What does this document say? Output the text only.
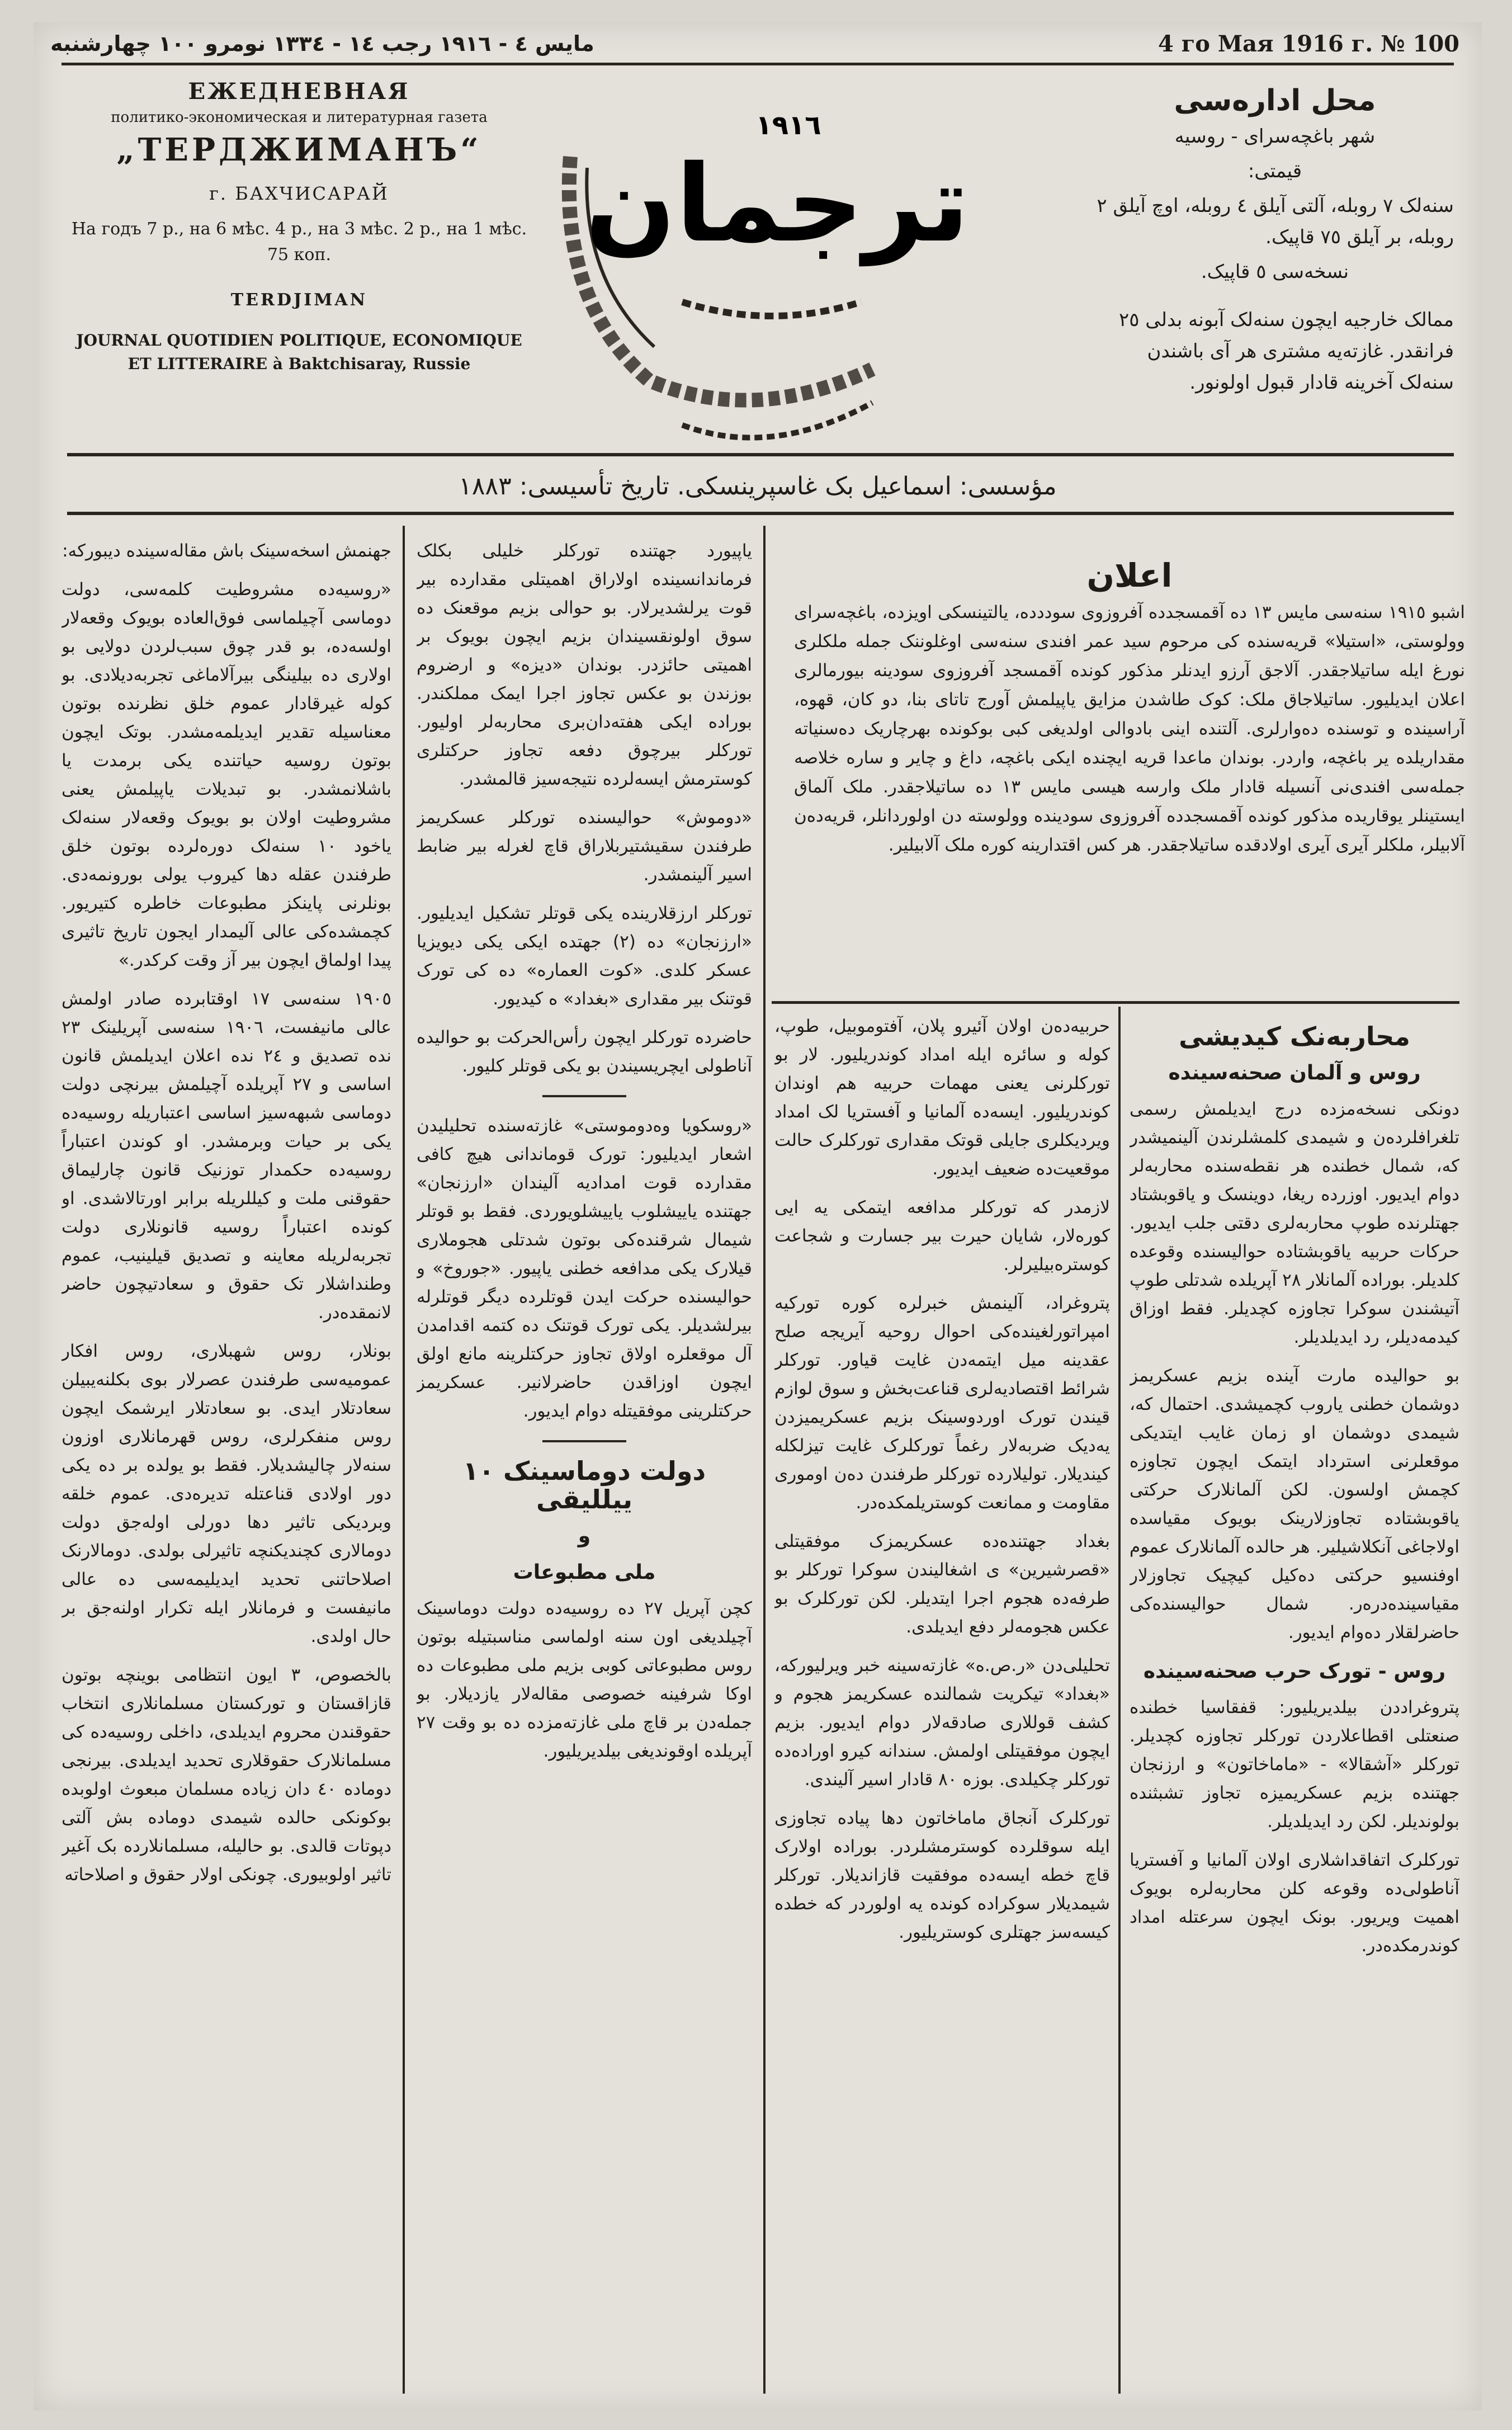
مايس ٤ - ١٩١٦ رجب ١٤ - ١٣٣٤ نومرو ١٠٠ چهارشنبه	4 го Мая 1916 г. № 100
ЕЖЕДНЕВНАЯ
политико-экономическая и литературная газета
„ТЕРДЖИМАНЪ“
г. БАХЧИСАРАЙ
На годъ 7 р., на 6 мѣс. 4 р., на 3 мѣс. 2 р., на 1 мѣс. 75 коп.
TERDJIMAN
JOURNAL QUOTIDIEN POLITIQUE, ECONOMIQUE ET LITTERAIRE à Baktchisaray, Russie
ترجمان
١٩١٦
محل اداره‌سی
شهر باغچه‌سرای - روسیه
قیمتی:
سنه‌لک ٧ روبله، آلتی آیلق ٤ روبله، اوچ آیلق ٢ روبله، بر آیلق ٧٥ قاپیک.
نسخه‌سی ٥ قاپیک.
ممالک خارجیه ایچون سنه‌لک آبونه بدلی ٢٥ فرانقدر. غازته‌یه مشتری هر آی باشندن سنه‌لک آخرینه قادار قبول اولونور.
مؤسسی: اسماعیل بک غاسپرینسکی. تاریخ تأسیسی: ١٨٨٣
اعلان

اشبو ١٩١٥ سنه‌سی مایس ١٣ ده آقمسجدده آفروزوی سوددده، یالتینسکی اویزده، باغچه‌سرای وولوستی، «استیلا» قریه‌سنده کی مرحوم سید عمر افندی سنه‌سی اوغلوننک جمله ملکلری نورغ ایله ساتیلاجقدر. آلاجق آرزو ایدنلر مذکور کونده آقمسجد آفروزوی سودینه بیورمالری اعلان ایدیلیور. ساتیلاجاق ملک: کوک طاشدن مزایق یاپیلمش آورج تاتای بنا، دو کان، قهوه، آراسینده و توسنده ده‌وارلری. آلتنده اینی بادوالی اولدیغی کبی بوکونده بهرچاریک ده‌سنیاته مقداریلده یر باغچه، واردر. بوندان ماعدا قریه ایچنده ایکی باغچه، داغ و چایر و ساره خلاصه جمله‌سی افندی‌نی آنسیله قادار ملک وارسه هیسی مایس ١٣ ده ساتیلاجقدر. ملک آلماق ایستینلر یوقاریده مذکور کونده آقمسجدده آفروزوی سودینده وولوسته دن اولوردانلر، قریه‌ده‌ن آلابیلر، ملکلر آیری آیری اولادقده ساتیلاجقدر. هر کس اقتدارینه کوره ملک آلابیلیر.

جهنمش اسخه‌سینک باش مقاله‌سینده دیبورکه:

«روسیه‌ده مشروطیت کلمه‌سی، دولت دوماسی آچیلماسی فوق‌العاده بویوک وقعه‌لار اولسه‌ده، بو قدر چوق سبب‌لردن دولایی بو اولاری ده بیلینگی بیرآلاماغی تجربه‌دیلادی. بو کوله غیرقادار عموم خلق نظرنده بوتون معناسیله تقدیر ایدیلمه‌مشدر. بوتک ایچون بوتون روسیه حیاتنده یکی برمدت یا باشلانمشدر. بو تبدیلات یاپیلمش یعنی مشروطیت اولان بو بویوک وقعه‌لار سنه‌لک یاخود ١٠ سنه‌لک دوره‌لرده بوتون خلق طرفندن عقله دها کیروب یولی بورونمه‌دی. بونلرنی پاینکز مطبوعات خاطره کتیریور. کچمشده‌کی عالی آلیمدار ایجون تاریخ تاثیری پیدا اولماق ایچون بیر آز وقت کرکدر.»

١٩٠٥ سنه‌سی ١٧ اوقتابرده صادر اولمش عالی مانیفست، ١٩٠٦ سنه‌سی آپریلینک ٢٣ نده تصدیق و ٢٤ نده اعلان ایدیلمش قانون اساسی و ٢٧ آپریلده آچیلمش بیرنچی دولت دوماسی شبهه‌سیز اساسی اعتباریله روسیه‌ده یکی بر حیات وبرمشدر. او کوندن اعتباراً روسیه‌ده حکمدار توزنیک قانون چارلیماق حقوقنی ملت و کیللریله برابر اورتالاشدی. او کونده اعتباراً روسیه قانونلاری دولت تجربه‌لریله معاینه و تصدیق قیلینیب، عموم وطنداشلار تک حقوق و سعادتیچون حاضر لانمقده‌در.

بونلار، روس شهبلاری، روس افکار عمومیه‌سی طرفندن عصرلار بوی بکلنه‌یبیلن سعادتلار ایدی. بو سعادتلار ایرشمک ایچون روس منفکرلری، روس قهرمانلاری اوزون سنه‌لار چالیشدیلار. فقط بو یولده بر ده یکی دور اولادی قناعتله تدیره‌دی. عموم خلقه وبردیکی تاثیر دها دورلی اوله‌جق دولت دومالاری کچندیکنچه تاثیرلی بولدی. دومالارنک اصلاحاتنی تحدید ایدیلیمه‌سی ده عالی مانیفست و فرمانلار ایله تکرار اولنه‌جق بر حال اولدی.

بالخصوص، ٣ ایون انتظامی بوینچه بوتون قازاقستان و تورکستان مسلمانلاری انتخاب حقوقندن محروم ایدیلدی، داخلی روسیه‌ده کی مسلمانلارک حقوقلاری تحدید ایدیلدی. بیرنجی دوماده ٤٠ دان زیاده مسلمان مبعوث اولوبده بوکونکی حالده شیمدی دوماده بش آلتی دپوتات قالدی. بو حالیله، مسلمانلارده بک آغیر تاثیر اولوبیوری. چونکی اولار حقوق و اصلاحاته

یاپیورد جهتنده تورکلر خلیلی بکلک فرماندانسینده اولاراق اهمیتلی مقدارده بیر قوت یرلشدیرلار. بو حوالی بزیم موقعنک ده سوق اولونقسیندان بزیم ایچون بویوک بر اهمیتی حائزدر. بوندان «دیزه» و ارضروم بوزندن بو عکس تجاوز اجرا ایمک مملکندر. بوراده ایکی هفته‌دان‌بری محاربه‌لر اولیور. تورکلر بیرچوق دفعه تجاوز حرکتلری کوسترمش ایسه‌لرده نتیجه‌سیز قالمشدر.

«دوموش» حوالیسنده تورکلر عسکریمز طرفندن سقیشتیربلاراق قاچ لغرله بیر ضابط اسیر آلینمشدر.

تورکلر ارزقلارینده یکی قوتلر تشکیل ایدیلیور. «ارزنجان» ده (٢) جهتده ایکی یکی دیویزیا عسکر کلدی. «کوت العماره» ده کی تورک قوتنک بیر مقداری «بغداد» ه کیدیور.

حاضرده تورکلر ایچون رأس‌الحرکت بو حوالیده آناطولی ایچریسیندن بو یکی قوتلر کلیور.

«روسکویا وه‌دوموستی» غازته‌سنده تحلیلیدن اشعار ایدیلیور: تورک قوماندانی هیچ کافی مقدارده قوت امدادیه آلیندان «ارزنجان» جهتنده یاییشلوب یاییشلویوردی. فقط بو قوتلر شیمال شرقنده‌کی بوتون شدتلی هجوملاری قیلارک یکی مدافعه خطنی یاپیور. «جوروخ» و حوالیسنده حرکت ایدن قوتلرده دیگر قوتلرله بیرلشدیلر. یکی تورک قوتنک ده کتمه اقدامدن آل موقعلره اولاق تجاوز حرکتلرینه مانع اولق ایچون اوزاقدن حاضرلانیر. عسکریمز حرکتلرینی موفقیتله دوام ایدیور.

دولت دوماسینک ١٠ ییللیقی
و
ملی مطبوعات

کچن آپریل ٢٧ ده روسیه‌ده دولت دوماسینک آچیلدیغی اون سنه اولماسی مناسبتیله بوتون روس مطبوعاتی کوبی بزیم ملی مطبوعات ده اوکا شرفینه خصوصی مقاله‌لار یازدیلار. بو جمله‌دن بر قاچ ملی غازته‌مزده ده بو وقت ٢٧ آپریلده اوقوندیغی بیلدیریلیور.

حربیه‌ده‌ن اولان آئیرو پلان، آفتوموبیل، طوپ، کوله و سائره ایله امداد کوندریلیور. لار بو تورکلرنی یعنی مهمات حربیه هم اوندان کوندریلیور. ایسه‌ده آلمانیا و آفستریا لک امداد ویردیکلری جایلی قوتک مقداری تورکلرک حالت موقعیت‌ده ضعیف ایدیور.

لازمدر که تورکلر مدافعه ایتمکی یه ایی کوره‌لار، شایان حیرت بیر جسارت و شجاعت کوستره‌بیلیرلر.

پتروغراد، آلینمش خبرلره کوره تورکیه امپراتورلغینده‌کی احوال روحیه آیریجه صلح عقدینه میل ایتمه‌دن غایت قیاور. تورکلر شرائط اقتصادیه‌لری قناعت‌بخش و سوق لوازم قیندن تورک ا‌وردوسینک بزیم عسکریمیزدن یه‌دیک ضربه‌لار رغماً تورکلرک غایت تیزلکله کیندیلار. تولیلارده تورکلر طرفندن ده‌ن اوموری مقاومت و ممانعت کوستریلمکده‌در.

بغداد جهتنده‌ده عسکریمزک موفقیتلی «قصرشیرین» ی اشغالیندن سوکرا تورکلر بو طرفه‌ده هجوم اجرا ایتدیلر. لکن تورکلرک بو عکس هجومه‌لر دفع ایدیلدی.

تحلیلی‌دن «ر.ص.ه» غازته‌سینه خبر ویرلیورکه، «بغداد» تیکریت شمالنده عسکریمز هجوم و کشف قوللاری صادقه‌لار دوام ایدیور. بزیم ایچون موفقیتلی اولمش. سندانه کیرو اوراده‌ده تورکلر چکیلدی. بوزه ٨٠ قادار اسیر آلیندی.

تورکلرک آنجاق ماماخاتون دها پیاده تجاوزی ایله سوقلرده کوسترمشلردر. بوراده اولارک قاچ خطه ایسه‌ده موفقیت قازاندیلار. تورکلر شیمدیلار سوکراده کونده یه اولوردر که خطده کیسه‌سز جهتلری کوستریلیور.

محاربه‌نک کیدیشی
روس و آلمان صحنه‌سینده

دونکی نسخه‌مزده درج ایدیلمش رسمی تلغرافلرده‌ن و شیمدی کلمشلرندن آلینمیشدر که، شمال خطنده هر نقطه‌سنده محاربه‌لر دوام ایدیور. اوزرده ریغا، دوینسک و یاقوبشتاد جهتلرنده طوپ محاربه‌لری دقتی جلب ایدیور. حرکات حربیه یاقوبشتاده حوالیسنده وقوعده کلدیلر. بوراده آلمانلار ٢٨ آپریلده شدتلی طوپ آتیشندن سوکرا تجاوزه کچدیلر. فقط اوزاق کیدمه‌دیلر، رد ایدیلدیلر.

بو حوالیده مارت آینده بزیم عسکریمز دوشمان خطنی یاروب کچمیشدی. احتمال که، شیمدی دوشمان او زمان غایب ایتدیکی موقعلرنی استرداد ایتمک ایچون تجاوزه کچمش اولسون. لکن آلمانلارک حرکتی یاقوبشتاده تجاوزلارینک بویوک مقیاسده اولاجاغی آنکلاشیلیر. هر حالده آلمانلارک عموم اوفنسیو حرکتی ده‌کیل کیچیک تجاوزلار مقیاسینده‌دره‌ر. شمال حوالیسنده‌کی حاضرلقلار ده‌وام ایدیور.

روس - تورک حرب صحنه‌سینده

پتروغراددن بیلدیریلیور: قفقاسیا خطنده صنعتلی اقطاعلاردن تورکلر تجاوزه کچدیلر. تورکلر «آشقالا» - «ماماخاتون» و ارزنجان جهتنده بزیم عسکریمیزه تجاوز تشبثنده بولوندیلر. لکن رد ایدیلدیلر.

تورکلرک اتفاقداشلاری اولان آلمانیا و آفستریا آناطولی‌ده وقوعه کلن محاربه‌لره بویوک اهمیت ویریور. بونک ایچون سرعتله امداد کوندرمکده‌در.
